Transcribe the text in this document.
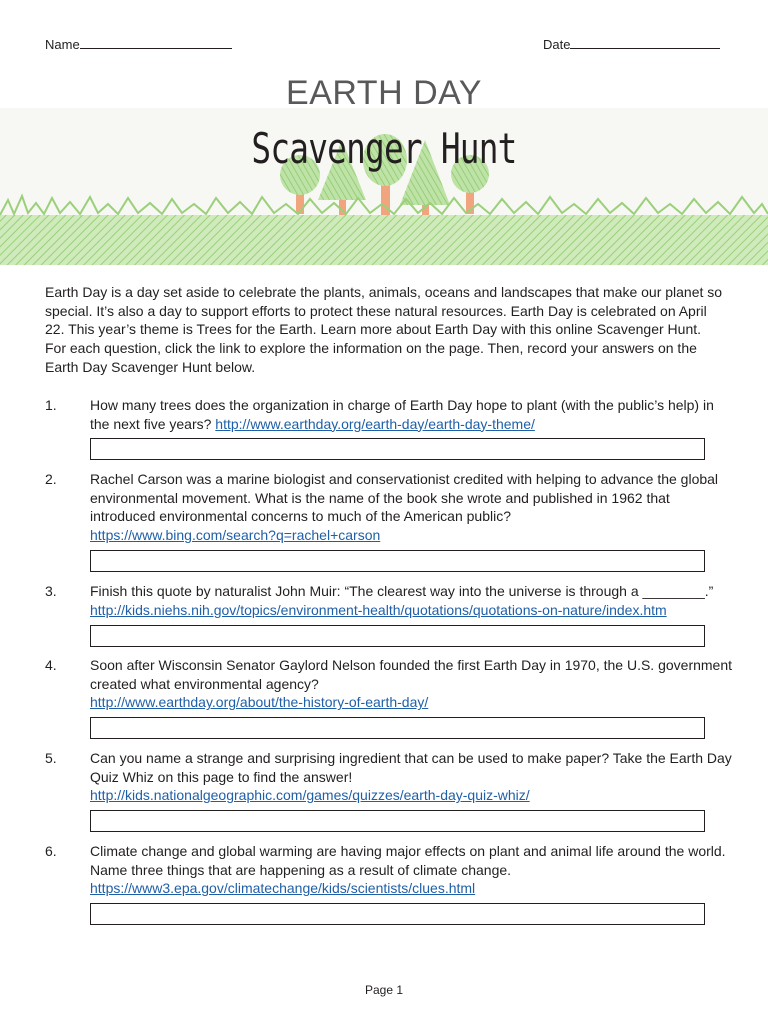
Name	Date
EARTH DAY
Scavenger Hunt
Earth Day is a day set aside to celebrate the plants, animals, oceans and landscapes that make our planet so special. It’s also a day to support efforts to protect these natural resources. Earth Day is celebrated on April 22. This year’s theme is Trees for the Earth. Learn more about Earth Day with this online Scavenger Hunt. For each question, click the link to explore the information on the page. Then, record your answers on the Earth Day Scavenger Hunt below.
1. How many trees does the organization in charge of Earth Day hope to plant (with the public’s help) in the next five years? http://www.earthday.org/earth-day/earth-day-theme/
2. Rachel Carson was a marine biologist and conservationist credited with helping to advance the global environmental movement. What is the name of the book she wrote and published in 1962 that introduced environmental concerns to much of the American public?
https://www.bing.com/search?q=rachel+carson
3. Finish this quote by naturalist John Muir: “The clearest way into the universe is through a ________.”
http://kids.niehs.nih.gov/topics/environment-health/quotations/quotations-on-nature/index.htm
4. Soon after Wisconsin Senator Gaylord Nelson founded the first Earth Day in 1970, the U.S. government created what environmental agency?
http://www.earthday.org/about/the-history-of-earth-day/
5. Can you name a strange and surprising ingredient that can be used to make paper? Take the Earth Day Quiz Whiz on this page to find the answer!
http://kids.nationalgeographic.com/games/quizzes/earth-day-quiz-whiz/
6. Climate change and global warming are having major effects on plant and animal life around the world. Name three things that are happening as a result of climate change.
https://www3.epa.gov/climatechange/kids/scientists/clues.html
Page 1
